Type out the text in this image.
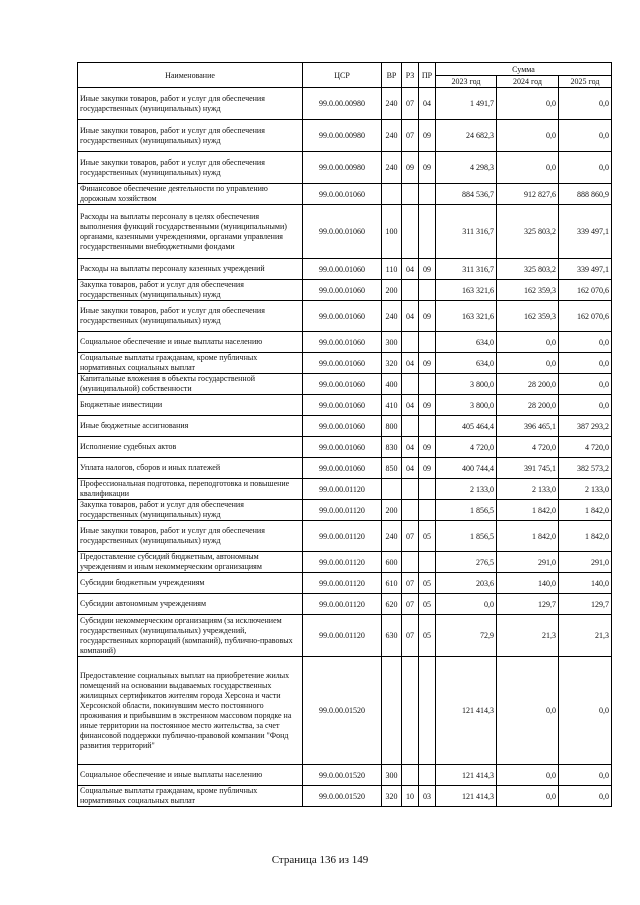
Наименование	ЦСР	ВР	РЗ	ПР	Сумма		
					2023 год	2024 год	2025 год
Иные закупки товаров, работ и услуг для обеспечения государственных (муниципальных) нужд	99.0.00.00980	240	07	04	1 491,7	0,0	0,0
Иные закупки товаров, работ и услуг для обеспечения государственных (муниципальных) нужд	99.0.00.00980	240	07	09	24 682,3	0,0	0,0
Иные закупки товаров, работ и услуг для обеспечения государственных (муниципальных) нужд	99.0.00.00980	240	09	09	4 298,3	0,0	0,0
Финансовое обеспечение деятельности по управлению дорожным хозяйством	99.0.00.01060				884 536,7	912 827,6	888 860,9
Расходы на выплаты персоналу в целях обеспечения выполнения функций государственными (муниципальными) органами, казенными учреждениями, органами управления государственными внебюджетными фондами	99.0.00.01060	100			311 316,7	325 803,2	339 497,1
Расходы на выплаты персоналу казенных учреждений	99.0.00.01060	110	04	09	311 316,7	325 803,2	339 497,1
Закупка товаров, работ и услуг для обеспечения государственных (муниципальных) нужд	99.0.00.01060	200			163 321,6	162 359,3	162 070,6
Иные закупки товаров, работ и услуг для обеспечения государственных (муниципальных) нужд	99.0.00.01060	240	04	09	163 321,6	162 359,3	162 070,6
Социальное обеспечение и иные выплаты населению	99.0.00.01060	300			634,0	0,0	0,0
Социальные выплаты гражданам, кроме публичных нормативных социальных выплат	99.0.00.01060	320	04	09	634,0	0,0	0,0
Капитальные вложения в объекты государственной (муниципальной) собственности	99.0.00.01060	400			3 800,0	28 200,0	0,0
Бюджетные инвестиции	99.0.00.01060	410	04	09	3 800,0	28 200,0	0,0
Иные бюджетные ассигнования	99.0.00.01060	800			405 464,4	396 465,1	387 293,2
Исполнение судебных актов	99.0.00.01060	830	04	09	4 720,0	4 720,0	4 720,0
Уплата налогов, сборов и иных платежей	99.0.00.01060	850	04	09	400 744,4	391 745,1	382 573,2
Профессиональная подготовка, переподготовка и повышение квалификации	99.0.00.01120				2 133,0	2 133,0	2 133,0
Закупка товаров, работ и услуг для обеспечения государственных (муниципальных) нужд	99.0.00.01120	200			1 856,5	1 842,0	1 842,0
Иные закупки товаров, работ и услуг для обеспечения государственных (муниципальных) нужд	99.0.00.01120	240	07	05	1 856,5	1 842,0	1 842,0
Предоставление субсидий бюджетным, автономным учреждениям и иным некоммерческим организациям	99.0.00.01120	600			276,5	291,0	291,0
Субсидии бюджетным учреждениям	99.0.00.01120	610	07	05	203,6	140,0	140,0
Субсидии автономным учреждениям	99.0.00.01120	620	07	05	0,0	129,7	129,7
Субсидии некоммерческим организациям (за исключением государственных (муниципальных) учреждений, государственных корпораций (компаний), публично-правовых компаний)	99.0.00.01120	630	07	05	72,9	21,3	21,3
Предоставление социальных выплат на приобретение жилых помещений на основании выдаваемых государственных жилищных сертификатов жителям города Херсона и части Херсонской области, покинувшим место постоянного проживания и прибывшим в экстренном массовом порядке на иные территории на постоянное место жительства, за счет финансовой поддержки публично-правовой компании "Фонд развития территорий"	99.0.00.01520				121 414,3	0,0	0,0
Социальное обеспечение и иные выплаты населению	99.0.00.01520	300			121 414,3	0,0	0,0
Социальные выплаты гражданам, кроме публичных нормативных социальных выплат	99.0.00.01520	320	10	03	121 414,3	0,0	0,0
Страница 136 из 149
